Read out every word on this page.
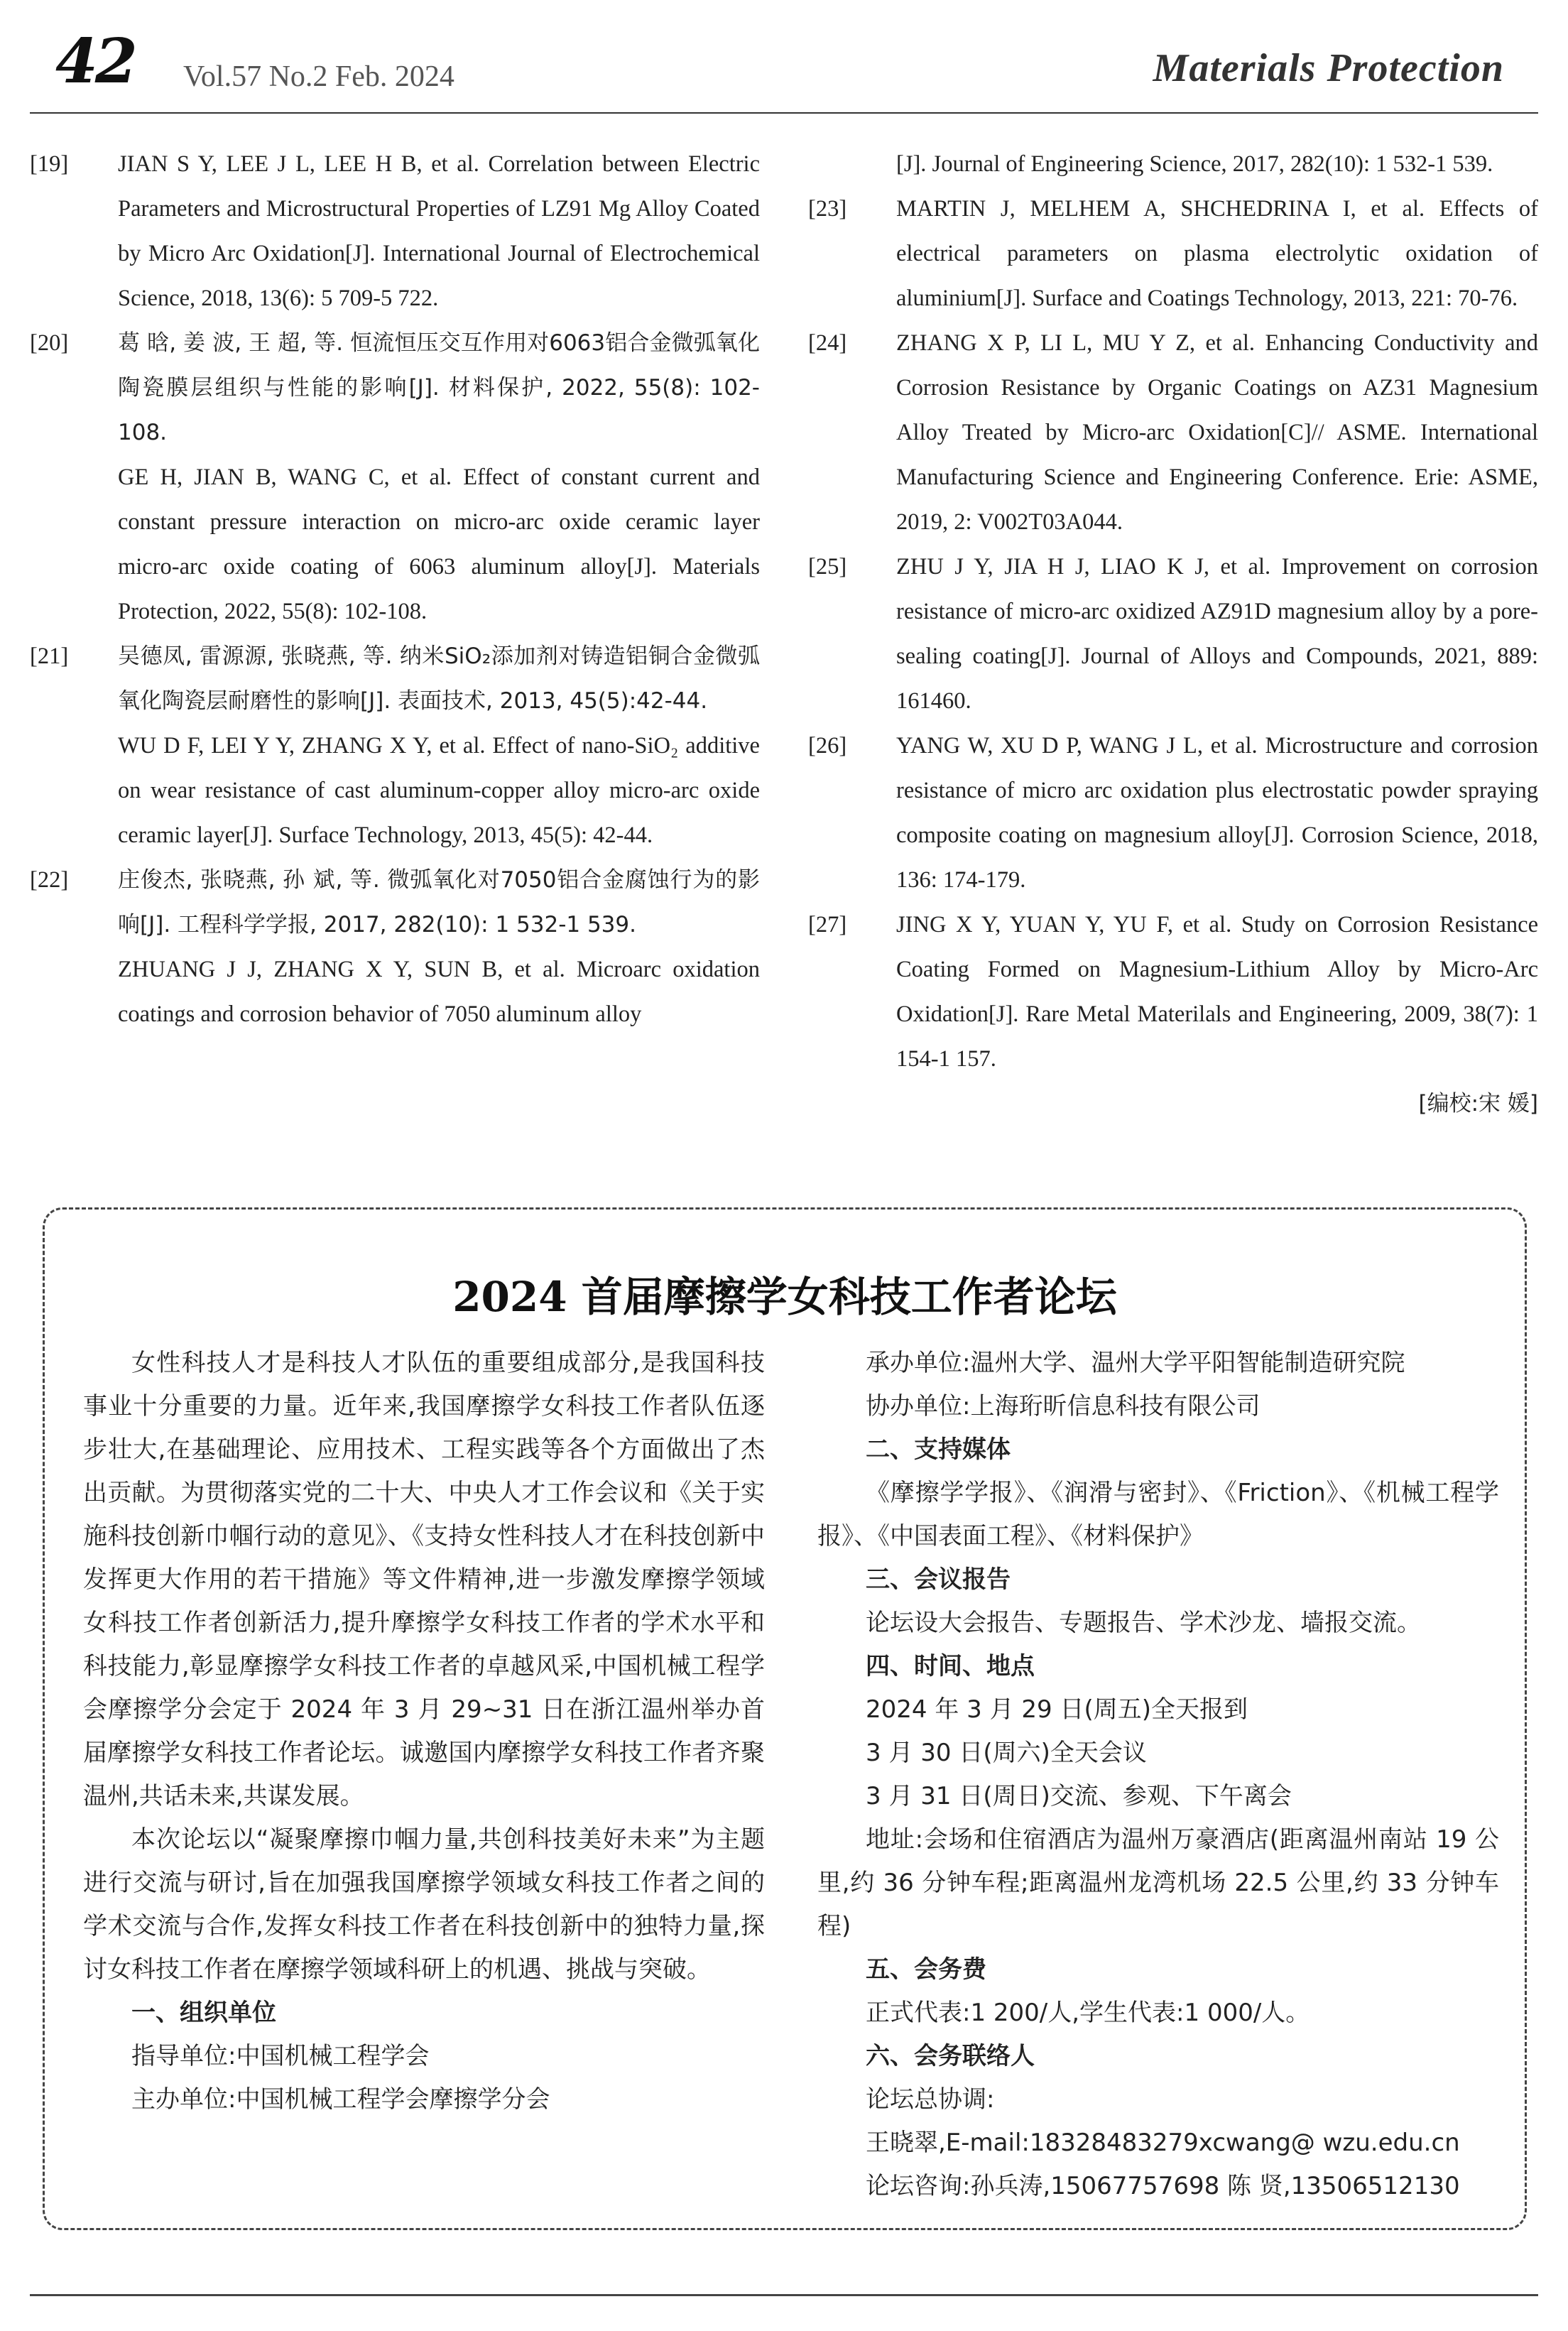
42 Vol.57 No.2 Feb. 2024	Materials Protection
[19]	JIAN S Y, LEE J L, LEE H B, et al. Correlation between Electric Parameters and Microstructural Properties of LZ91 Mg Alloy Coated by Micro Arc Oxidation[J]. International Journal of Electrochemical Science, 2018, 13(6): 5 709-5 722.
[20]	葛 晗, 姜 波, 王 超, 等. 恒流恒压交互作用对6063铝合金微弧氧化陶瓷膜层组织与性能的影响[J]. 材料保护, 2022, 55(8): 102-108.
GE H, JIAN B, WANG C, et al. Effect of constant current and constant pressure interaction on micro-arc oxide ceramic layer micro-arc oxide coating of 6063 aluminum alloy[J]. Materials Protection, 2022, 55(8): 102-108.
[21]	吴德凤, 雷源源, 张晓燕, 等. 纳米SiO₂添加剂对铸造铝铜合金微弧氧化陶瓷层耐磨性的影响[J]. 表面技术, 2013, 45(5):42-44.
WU D F, LEI Y Y, ZHANG X Y, et al. Effect of nano-SiO₂ additive on wear resistance of cast aluminum-copper alloy micro-arc oxide ceramic layer[J]. Surface Technology, 2013, 45(5): 42-44.
[22]	庄俊杰, 张晓燕, 孙 斌, 等. 微弧氧化对7050铝合金腐蚀行为的影响[J]. 工程科学学报, 2017, 282(10): 1 532-1 539.
ZHUANG J J, ZHANG X Y, SUN B, et al. Microarc oxidation coatings and corrosion behavior of 7050 aluminum alloy
[J]. Journal of Engineering Science, 2017, 282(10): 1 532-1 539.
[23]	MARTIN J, MELHEM A, SHCHEDRINA I, et al. Effects of electrical parameters on plasma electrolytic oxidation of aluminium[J]. Surface and Coatings Technology, 2013, 221: 70-76.
[24]	ZHANG X P, LI L, MU Y Z, et al. Enhancing Conductivity and Corrosion Resistance by Organic Coatings on AZ31 Magnesium Alloy Treated by Micro-arc Oxidation[C]// ASME. International Manufacturing Science and Engineering Conference. Erie: ASME, 2019, 2: V002T03A044.
[25]	ZHU J Y, JIA H J, LIAO K J, et al. Improvement on corrosion resistance of micro-arc oxidized AZ91D magnesium alloy by a pore-sealing coating[J]. Journal of Alloys and Compounds, 2021, 889: 161460.
[26]	YANG W, XU D P, WANG J L, et al. Microstructure and corrosion resistance of micro arc oxidation plus electrostatic powder spraying composite coating on magnesium alloy[J]. Corrosion Science, 2018, 136: 174-179.
[27]	JING X Y, YUAN Y, YU F, et al. Study on Corrosion Resistance Coating Formed on Magnesium-Lithium Alloy by Micro-Arc Oxidation[J]. Rare Metal Materilals and Engineering, 2009, 38(7): 1 154-1 157.
[编校:宋 媛]
2024 首届摩擦学女科技工作者论坛

女性科技人才是科技人才队伍的重要组成部分,是我国科技事业十分重要的力量。近年来,我国摩擦学女科技工作者队伍逐步壮大,在基础理论、应用技术、工程实践等各个方面做出了杰出贡献。为贯彻落实党的二十大、中央人才工作会议和《关于实施科技创新巾帼行动的意见》、《支持女性科技人才在科技创新中发挥更大作用的若干措施》等文件精神,进一步激发摩擦学领域女科技工作者创新活力,提升摩擦学女科技工作者的学术水平和科技能力,彰显摩擦学女科技工作者的卓越风采,中国机械工程学会摩擦学分会定于 2024 年 3 月 29~31 日在浙江温州举办首届摩擦学女科技工作者论坛。诚邀国内摩擦学女科技工作者齐聚温州,共话未来,共谋发展。

本次论坛以“凝聚摩擦巾帼力量,共创科技美好未来”为主题进行交流与研讨,旨在加强我国摩擦学领域女科技工作者之间的学术交流与合作,发挥女科技工作者在科技创新中的独特力量,探讨女科技工作者在摩擦学领域科研上的机遇、挑战与突破。

一、组织单位

指导单位:中国机械工程学会

主办单位:中国机械工程学会摩擦学分会

承办单位:温州大学、温州大学平阳智能制造研究院

协办单位:上海珩昕信息科技有限公司

二、支持媒体

《摩擦学学报》、《润滑与密封》、《Friction》、《机械工程学报》、《中国表面工程》、《材料保护》

三、会议报告

论坛设大会报告、专题报告、学术沙龙、墙报交流。

四、时间、地点

2024 年 3 月 29 日(周五)全天报到

3 月 30 日(周六)全天会议

3 月 31 日(周日)交流、参观、下午离会

地址:会场和住宿酒店为温州万豪酒店(距离温州南站 19 公里,约 36 分钟车程;距离温州龙湾机场 22.5 公里,约 33 分钟车程)

五、会务费

正式代表:1 200/人,学生代表:1 000/人。

六、会务联络人

论坛总协调:

王晓翠,E-mail:18328483279xcwang@ wzu.edu.cn

论坛咨询:孙兵涛,15067757698 陈 贤,13506512130
